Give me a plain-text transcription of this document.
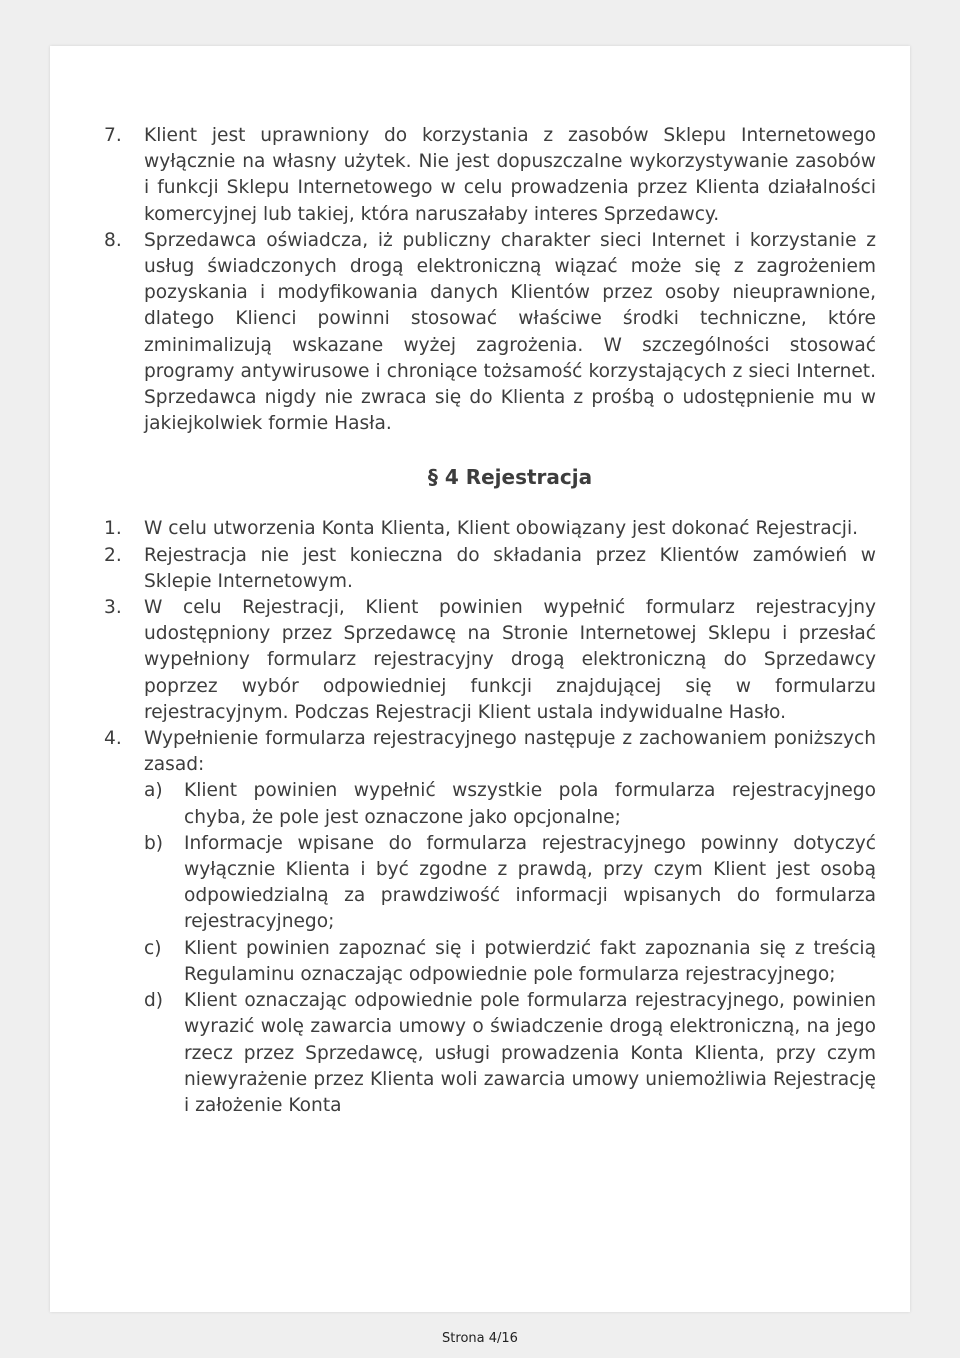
7.	Klient jest uprawniony do korzystania z zasobów Sklepu Internetowego wyłącznie na własny użytek. Nie jest dopuszczalne wykorzystywanie zasobów i funkcji Sklepu Internetowego w celu prowadzenia przez Klienta działalności komercyjnej lub takiej, która naruszałaby interes Sprzedawcy.
8.	Sprzedawca oświadcza, iż publiczny charakter sieci Internet i korzystanie z usług świadczonych drogą elektroniczną wiązać może się z zagrożeniem pozyskania i modyfikowania danych Klientów przez osoby nieuprawnione, dlatego Klienci powinni stosować właściwe środki techniczne, które zminimalizują wskazane wyżej zagrożenia. W szczególności stosować programy antywirusowe i chroniące tożsamość korzystających z sieci Internet. Sprzedawca nigdy nie zwraca się do Klienta z prośbą o udostępnienie mu w jakiejkolwiek formie Hasła.
§ 4 Rejestracja
1.	W celu utworzenia Konta Klienta, Klient obowiązany jest dokonać Rejestracji.
2.	Rejestracja nie jest konieczna do składania przez Klientów zamówień w Sklepie Internetowym.
3.	W celu Rejestracji, Klient powinien wypełnić formularz rejestracyjny udostępniony przez Sprzedawcę na Stronie Internetowej Sklepu i przesłać wypełniony formularz rejestracyjny drogą elektroniczną do Sprzedawcy poprzez wybór odpowiedniej funkcji znajdującej się w formularzu rejestracyjnym. Podczas Rejestracji Klient ustala indywidualne Hasło.
4.	Wypełnienie formularza rejestracyjnego następuje z zachowaniem poniższych zasad:
a)	Klient powinien wypełnić wszystkie pola formularza rejestracyjnego chyba, że pole jest oznaczone jako opcjonalne;
b)	Informacje wpisane do formularza rejestracyjnego powinny dotyczyć wyłącznie Klienta i być zgodne z prawdą, przy czym Klient jest osobą odpowiedzialną za prawdziwość informacji wpisanych do formularza rejestracyjnego;
c)	Klient powinien zapoznać się i potwierdzić fakt zapoznania się z treścią Regulaminu oznaczając odpowiednie pole formularza rejestracyjnego;
d)	Klient oznaczając odpowiednie pole formularza rejestracyjnego, powinien wyrazić wolę zawarcia umowy o świadczenie drogą elektroniczną, na jego rzecz przez Sprzedawcę, usługi prowadzenia Konta Klienta, przy czym niewyrażenie przez Klienta woli zawarcia umowy uniemożliwia Rejestrację i założenie Konta
Strona 4/16
